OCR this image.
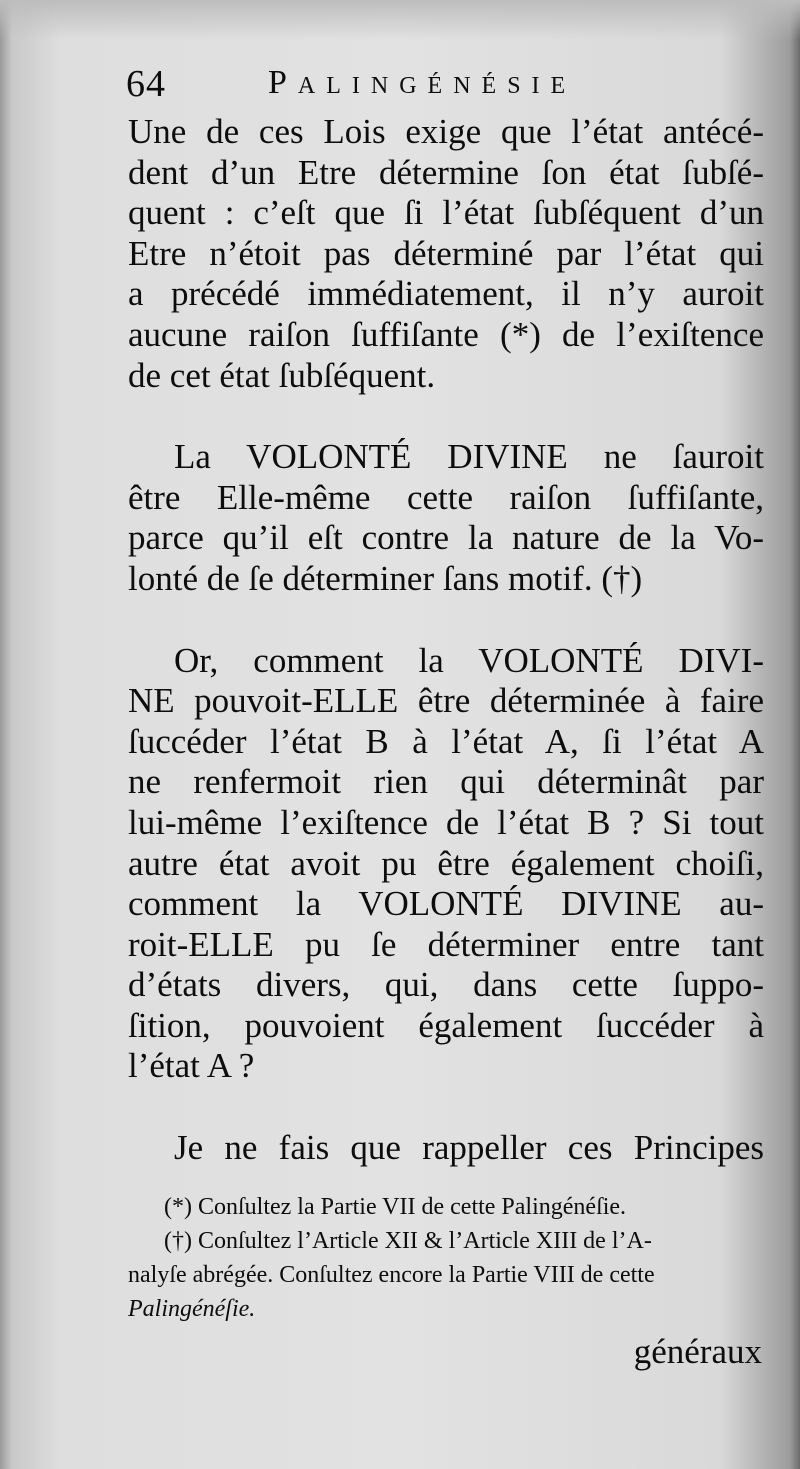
64	Palingénésie
Une de ces Lois exige que l’état antécé-
dent d’un Etre détermine ſon état ſubſé-
quent : c’eſt que ſi l’état ſubſéquent d’un
Etre n’étoit pas déterminé par l’état qui
a précédé immédiatement, il n’y auroit
aucune raiſon ſuffiſante (*) de l’exiſtence
de cet état ſubſéquent.
La VOLONTÉ DIVINE ne ſauroit
être Elle-même cette raiſon ſuffiſante,
parce qu’il eſt contre la nature de la Vo-
lonté de ſe déterminer ſans motif. (†)
Or, comment la VOLONTÉ DIVI-
NE pouvoit-ELLE être déterminée à faire
ſuccéder l’état B à l’état A, ſi l’état A
ne renfermoit rien qui déterminât par
lui-même l’exiſtence de l’état B ? Si tout
autre état avoit pu être également choiſi,
comment la VOLONTÉ DIVINE au-
roit-ELLE pu ſe déterminer entre tant
d’états divers, qui, dans cette ſuppo-
ſition, pouvoient également ſuccéder à
l’état A ?
Je ne fais que rappeller ces Principes
(*) Conſultez la Partie VII de cette Palingénéſie.
(†) Conſultez l’Article XII & l’Article XIII de l’A-
nalyſe abrégée. Conſultez encore la Partie VIII de cette
Palingénéſie.
généraux
